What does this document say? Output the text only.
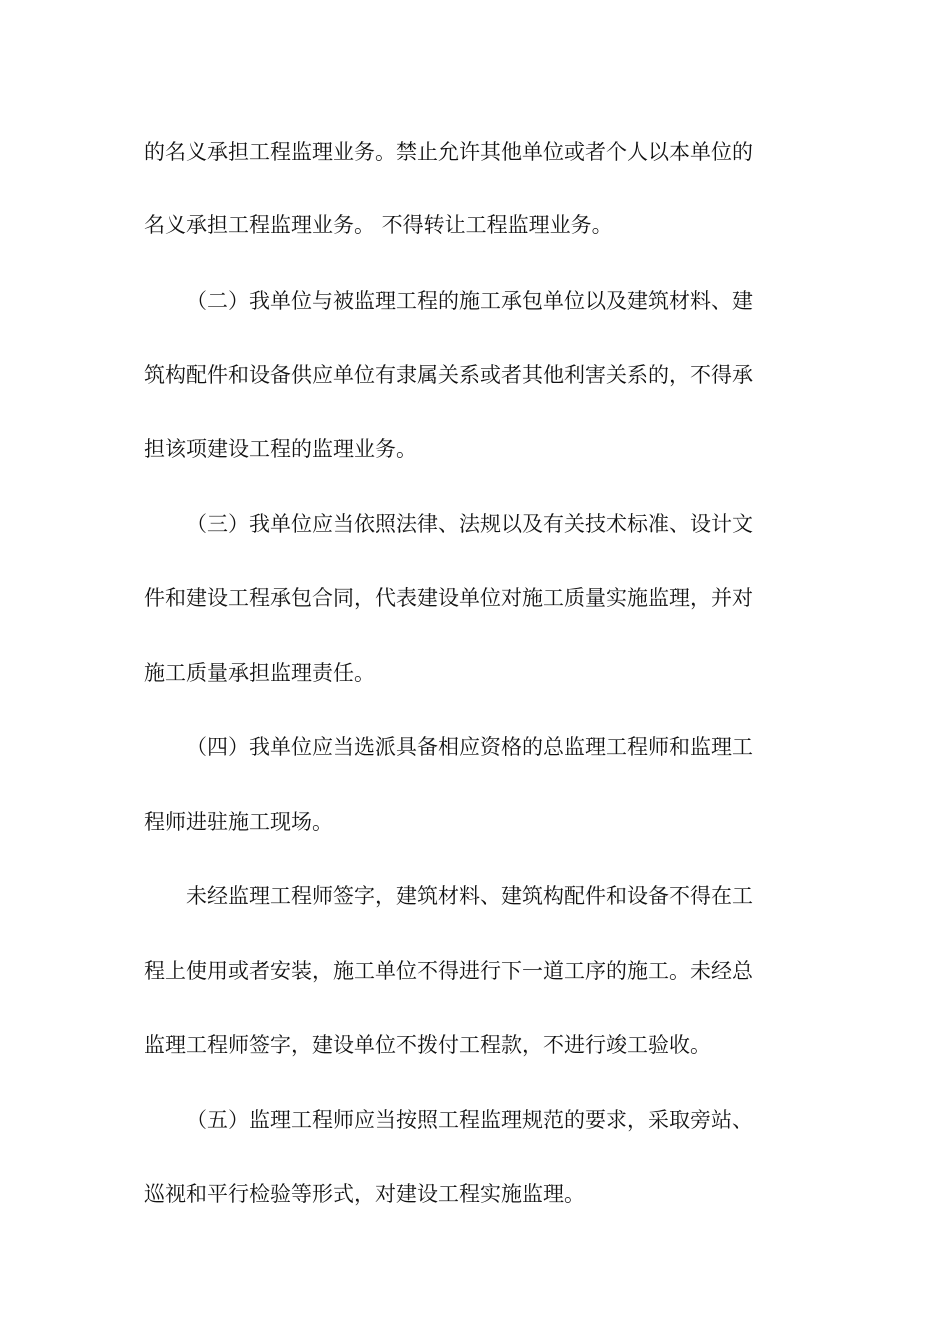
的名义承担工程监理业务。禁止允许其他单位或者个人以本单位的
名义承担工程监理业务。 不得转让工程监理业务。
（二）我单位与被监理工程的施工承包单位以及建筑材料、建
筑构配件和设备供应单位有隶属关系或者其他利害关系的，不得承
担该项建设工程的监理业务。
（三）我单位应当依照法律、法规以及有关技术标准、设计文
件和建设工程承包合同，代表建设单位对施工质量实施监理，并对
施工质量承担监理责任。
（四）我单位应当选派具备相应资格的总监理工程师和监理工
程师进驻施工现场。
未经监理工程师签字，建筑材料、建筑构配件和设备不得在工
程上使用或者安装，施工单位不得进行下一道工序的施工。未经总
监理工程师签字，建设单位不拨付工程款，不进行竣工验收。
（五）监理工程师应当按照工程监理规范的要求，采取旁站、
巡视和平行检验等形式，对建设工程实施监理。
